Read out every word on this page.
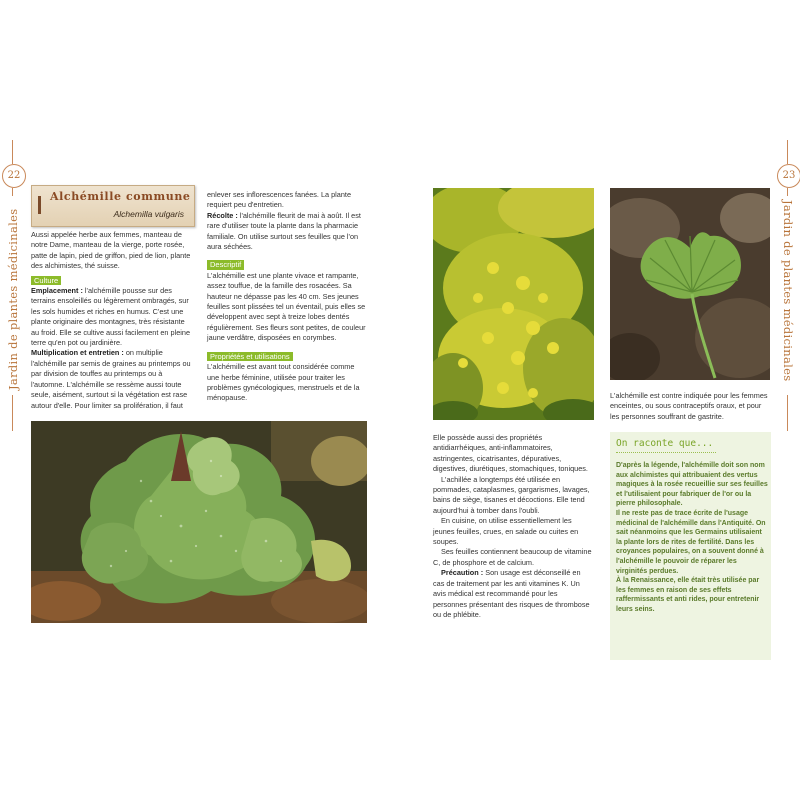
22
Jardin de plantes médicinales
Alchémille commune
Alchemilla vulgaris

Aussi appelée herbe aux femmes, manteau de notre Dame, manteau de la vierge, porte rosée, patte de lapin, pied de griffon, pied de lion, plante des alchimistes, thé suisse.

Culture

Emplacement : l'alchémille pousse sur des terrains ensoleillés ou légèrement ombragés, sur les sols humides et riches en humus. C'est une plante originaire des montagnes, très résistante au froid. Elle se cultive aussi facilement en pleine terre qu'en pot ou jardinière.

Multiplication et entretien : on multiplie l'alchémille par semis de graines au printemps ou par division de touffes au printemps ou à l'automne. L'alchémille se ressème aussi toute seule, aisément, surtout si la végétation est rase autour d'elle. Pour limiter sa prolifération, il faut

enlever ses inflorescences fanées. La plante requiert peu d'entretien.

Récolte : l'alchémille fleurit de mai à août. Il est rare d'utiliser toute la plante dans la pharmacie familiale. On utilise surtout ses feuilles que l'on aura séchées.

Descriptif

L'alchémille est une plante vivace et rampante, assez touffue, de la famille des rosacées. Sa hauteur ne dépasse pas les 40 cm. Ses jeunes feuilles sont plissées tel un éventail, puis elles se développent avec sept à treize lobes dentés régulièrement. Ses fleurs sont petites, de couleur jaune verdâtre, disposées en corymbes.

Propriétés et utilisations

L'alchémille est avant tout considérée comme une herbe féminine, utilisée pour traiter les problèmes gynécologiques, menstruels et de la ménopause.

23
Jardin de plantes médicinales
L'alchémille est contre indiquée pour les femmes enceintes, ou sous contraceptifs oraux, et pour les personnes souffrant de gastrite.

Elle possède aussi des propriétés antidiarrhéiques, anti-inflammatoires, astringentes, cicatrisantes, dépuratives, digestives, diurétiques, stomachiques, toniques.

L'achillée a longtemps été utilisée en pommades, cataplasmes, gargarismes, lavages, bains de siège, tisanes et décoctions. Elle tend aujourd'hui à tomber dans l'oubli.

En cuisine, on utilise essentiellement les jeunes feuilles, crues, en salade ou cuites en soupes.

Ses feuilles contiennent beaucoup de vitamine C, de phosphore et de calcium.

Précaution : Son usage est déconseillé en cas de traitement par les anti vitamines K. Un avis médical est recommandé pour les personnes présentant des risques de thrombose ou de phlébite.

On raconte que...

D'après la légende, l'alchémille doit son nom aux alchimistes qui attribuaient des vertus magiques à la rosée recueillie sur ses feuilles et l'utilisaient pour fabriquer de l'or ou la pierre philosophale.

Il ne reste pas de trace écrite de l'usage médicinal de l'alchémille dans l'Antiquité. On sait néanmoins que les Germains utilisaient la plante lors de rites de fertilité. Dans les croyances populaires, on a souvent donné à l'alchémille le pouvoir de réparer les virginités perdues.

À la Renaissance, elle était très utilisée par les femmes en raison de ses effets raffermissants et anti rides, pour entretenir leurs seins.
